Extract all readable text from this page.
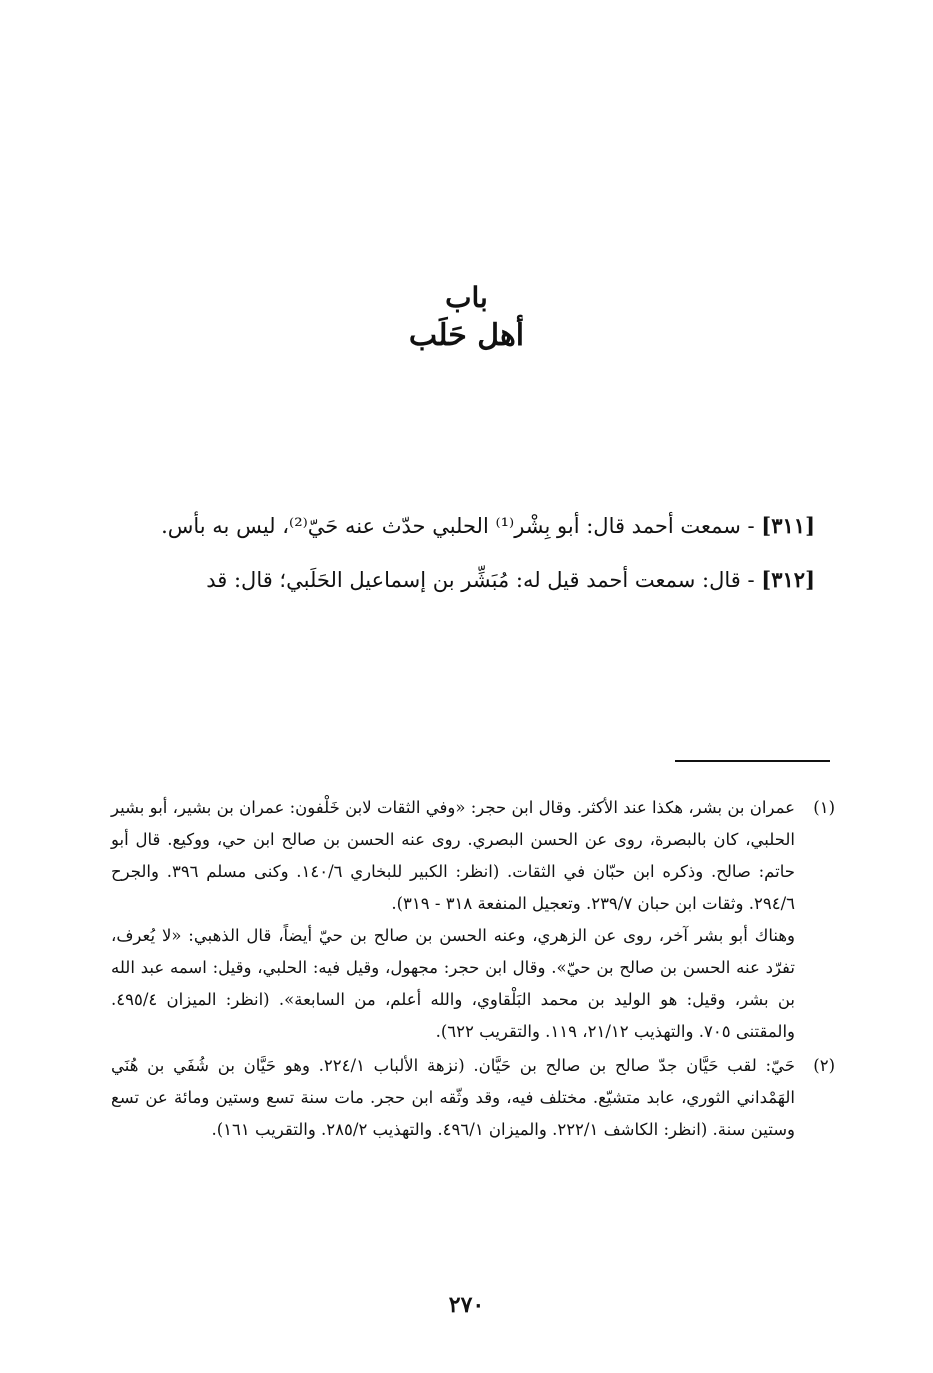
باب
أهل حَلَب

[٣١١] - سمعت أحمد قال: أبو بِشْر⁽¹⁾ الحلبي حدّث عنه حَيّ⁽²⁾، ليس به بأس.

[٣١٢] - قال: سمعت أحمد قيل له: مُبَشِّر بن إسماعيل الحَلَبي؛ قال: قد

(١)

عمران بن بشر، هكذا عند الأكثر. وقال ابن حجر: «وفي الثقات لابن خَلْفون: عمران بن بشير، أبو بشير الحلبي، كان بالبصرة، روى عن الحسن البصري. روى عنه الحسن بن صالح ابن حي، ووكيع. قال أبو حاتم: صالح. وذكره ابن حبّان في الثقات. (انظر: الكبير للبخاري ١٤٠/٦. وكنى مسلم ٣٩٦. والجرح ٢٩٤/٦. وثقات ابن حبان ٢٣٩/٧. وتعجيل المنفعة ٣١٨ - ٣١٩).

وهناك أبو بشر آخر، روى عن الزهري، وعنه الحسن بن صالح بن حيّ أيضاً، قال الذهبي: «لا يُعرف، تفرّد عنه الحسن بن صالح بن حيّ». وقال ابن حجر: مجهول، وقيل فيه: الحلبي، وقيل: اسمه عبد الله بن بشر، وقيل: هو الوليد بن محمد البَلْقاوي، والله أعلم، من السابعة». (انظر: الميزان ٤٩٥/٤. والمقتنى ٧٠٥. والتهذيب ٢١/١٢، ١١٩. والتقريب ٦٢٢).

(٢)

حَيّ: لقب حَيَّان جدّ صالح بن صالح بن حَيَّان. (نزهة الألباب ٢٢٤/١. وهو حَيَّان بن شُفَي بن هُنَي الهَمْداني الثوري، عابد متشيّع. مختلف فيه، وقد وثّقه ابن حجر. مات سنة تسع وستين ومائة عن تسع وستين سنة. (انظر: الكاشف ٢٢٢/١. والميزان ٤٩٦/١. والتهذيب ٢٨٥/٢. والتقريب ١٦١).

٢٧٠
